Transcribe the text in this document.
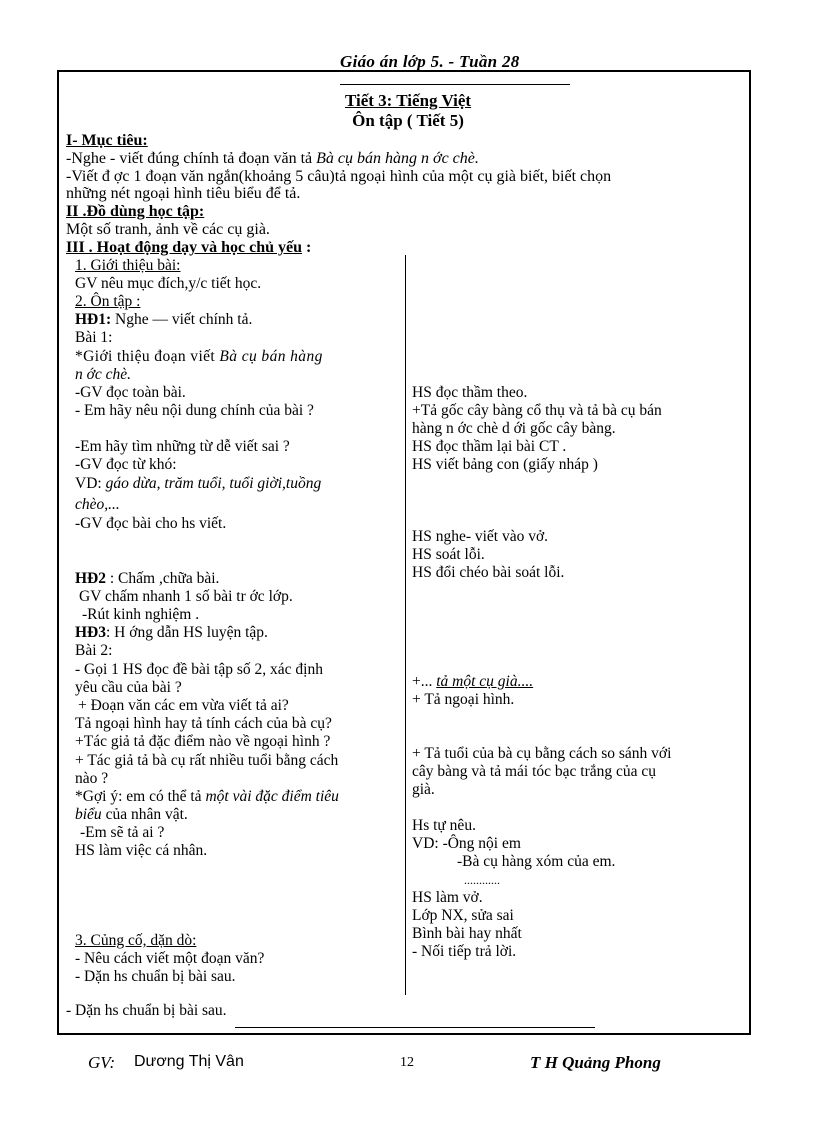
Giáo án lớp 5. - Tuần 28
Tiết 3: Tiếng Việt
Ôn tập ( Tiết 5)
I- Mục tiêu:
-Nghe - viết đúng chính tả đoạn văn tả Bà cụ bán hàng n ớc chè.
-Viết đ ợc 1 đoạn văn ngắn(khoảng 5 câu)tả ngoại hình của một cụ già biết, biết chọn
những nét ngoại hình tiêu biểu để tả.
II .Đồ dùng học tập:
Một số tranh, ảnh về các cụ già.
III . Hoạt động dạy và học chủ yếu :
1. Giới thiệu bài:
GV nêu mục đích,y/c tiết học.
2. Ôn tập :
HĐ1: Nghe — viết chính tả.
Bài 1:
*Giới thiệu đoạn viết Bà cụ bán hàng
n ớc chè.
-GV đọc toàn bài.
- Em hãy nêu nội dung chính của bài ?
-Em hãy tìm những từ dễ viết sai ?
-GV đọc từ khó:
VD: gáo dừa, trăm tuổi, tuổi giời,tuồng
chèo,...
-GV đọc bài cho hs viết.
HĐ2 : Chấm ,chữa bài.
GV chấm nhanh 1 số bài tr ớc lớp.
-Rút kinh nghiệm .
HĐ3: H ớng dẫn HS luyện tập.
Bài 2:
- Gọi 1 HS đọc đề bài tập số 2, xác định
yêu cầu của bài ?
+ Đoạn văn các em vừa viết tả ai?
Tả ngoại hình hay tả tính cách của bà cụ?
+Tác giả tả đặc điểm nào về ngoại hình ?
+ Tác giả tả bà cụ rất nhiều tuổi bằng cách
nào ?
*Gợi ý: em có thể tả một vài đặc điểm tiêu
biểu của nhân vật.
-Em sẽ tả ai ?
HS làm việc cá nhân.
3. Củng cố, dặn dò:
- Nêu cách viết một đoạn văn?
- Dặn hs chuẩn bị bài sau.
- Dặn hs chuẩn bị bài sau.
HS đọc thầm theo.
+Tả gốc cây bàng cổ thụ và tả bà cụ bán
hàng n ớc chè d ới gốc cây bàng.
HS đọc thầm lại bài CT .
HS viết bảng con (giấy nháp )
HS nghe- viết vào vở.
HS soát lỗi.
HS đổi chéo bài soát lỗi.
+... tả một cụ già....
+ Tả ngoại hình.
+ Tả tuổi của bà cụ bằng cách so sánh với
cây bàng và tả mái tóc bạc trắng của cụ
già.
Hs tự nêu.
VD: -Ông nội em
-Bà cụ hàng xóm của em.
............
HS làm vở.
Lớp NX, sửa sai
Bình bài hay nhất
- Nối tiếp trả lời.
GV: Dương Thị Vân	12	T H Quảng Phong
